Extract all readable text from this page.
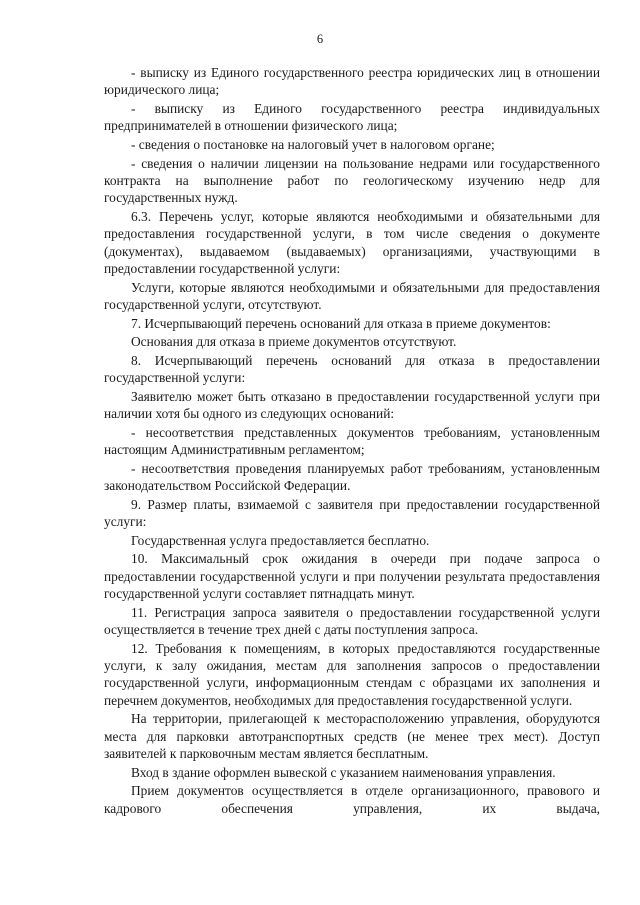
6

- выписку из Единого государственного реестра юридических лиц в отношении юридического лица;

- выписку из Единого государственного реестра индивидуальных предпринимателей в отношении физического лица;

- сведения о постановке на налоговый учет в налоговом органе;

- сведения о наличии лицензии на пользование недрами или государственного контракта на выполнение работ по геологическому изучению недр для государственных нужд.

6.3. Перечень услуг, которые являются необходимыми и обязательными для предоставления государственной услуги, в том числе сведения о документе (документах), выдаваемом (выдаваемых) организациями, участвующими в предоставлении государственной услуги:

Услуги, которые являются необходимыми и обязательными для предоставления государственной услуги, отсутствуют.

7. Исчерпывающий перечень оснований для отказа в приеме документов:

Основания для отказа в приеме документов отсутствуют.

8. Исчерпывающий перечень оснований для отказа в предоставлении государственной услуги:

Заявителю может быть отказано в предоставлении государственной услуги при наличии хотя бы одного из следующих оснований:

- несоответствия представленных документов требованиям, установленным настоящим Административным регламентом;

- несоответствия проведения планируемых работ требованиям, установленным законодательством Российской Федерации.

9. Размер платы, взимаемой с заявителя при предоставлении государственной услуги:

Государственная услуга предоставляется бесплатно.

10. Максимальный срок ожидания в очереди при подаче запроса о предоставлении государственной услуги и при получении результата предоставления государственной услуги составляет пятнадцать минут.

11. Регистрация запроса заявителя о предоставлении государственной услуги осуществляется в течение трех дней с даты поступления запроса.

12. Требования к помещениям, в которых предоставляются государственные услуги, к залу ожидания, местам для заполнения запросов о предоставлении государственной услуги, информационным стендам с образцами их заполнения и перечнем документов, необходимых для предоставления государственной услуги.

На территории, прилегающей к месторасположению управления, оборудуются места для парковки автотранспортных средств (не менее трех мест). Доступ заявителей к парковочным местам является бесплатным.

Вход в здание оформлен вывеской с указанием наименования управления.

Прием документов осуществляется в отделе организационного, правового и кадрового обеспечения управления, их выдача,
